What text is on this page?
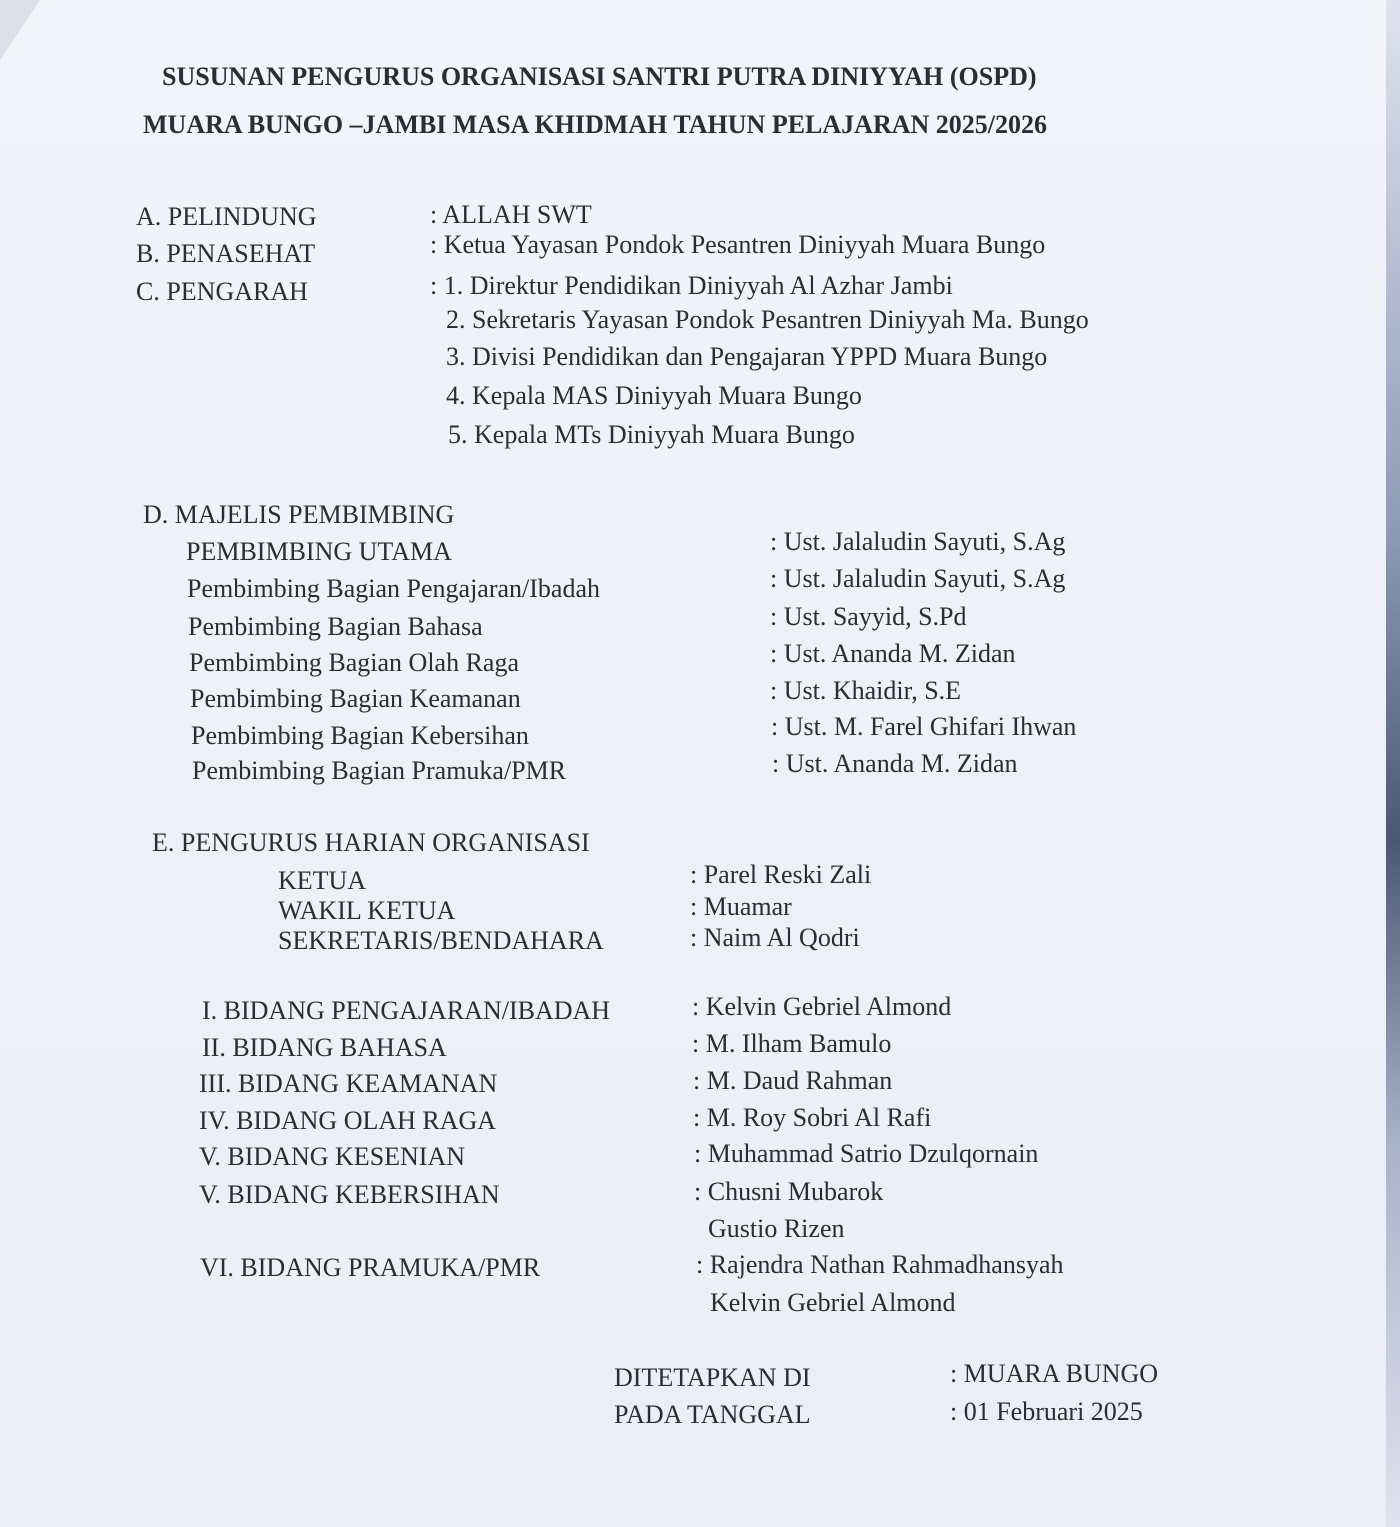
SUSUNAN PENGURUS ORGANISASI SANTRI PUTRA DINIYYAH (OSPD)
MUARA BUNGO –JAMBI MASA KHIDMAH TAHUN PELAJARAN 2025/2026
A. PELINDUNG	: ALLAH SWT
B. PENASEHAT	: Ketua Yayasan Pondok Pesantren Diniyyah Muara Bungo
C. PENGARAH	: 1. Direktur Pendidikan Diniyyah Al Azhar Jambi
2. Sekretaris Yayasan Pondok Pesantren Diniyyah Ma. Bungo
3. Divisi Pendidikan dan Pengajaran YPPD Muara Bungo
4. Kepala MAS Diniyyah Muara Bungo
5. Kepala MTs Diniyyah Muara Bungo
D. MAJELIS PEMBIMBING
PEMBIMBING UTAMA	: Ust. Jalaludin Sayuti, S.Ag
Pembimbing Bagian Pengajaran/Ibadah	: Ust. Jalaludin Sayuti, S.Ag
Pembimbing Bagian Bahasa	: Ust. Sayyid, S.Pd
Pembimbing Bagian Olah Raga	: Ust. Ananda M. Zidan
Pembimbing Bagian Keamanan	: Ust. Khaidir, S.E
Pembimbing Bagian Kebersihan	: Ust. M. Farel Ghifari Ihwan
Pembimbing Bagian Pramuka/PMR	: Ust. Ananda M. Zidan
E. PENGURUS HARIAN ORGANISASI
KETUA	: Parel Reski Zali
WAKIL KETUA	: Muamar
SEKRETARIS/BENDAHARA	: Naim Al Qodri
I. BIDANG PENGAJARAN/IBADAH	: Kelvin Gebriel Almond
II. BIDANG BAHASA	: M. Ilham Bamulo
III. BIDANG KEAMANAN	: M. Daud Rahman
IV. BIDANG OLAH RAGA	: M. Roy Sobri Al Rafi
V. BIDANG KESENIAN	: Muhammad Satrio Dzulqornain
V. BIDANG KEBERSIHAN	: Chusni Mubarok
Gustio Rizen
VI. BIDANG PRAMUKA/PMR	: Rajendra Nathan Rahmadhansyah
Kelvin Gebriel Almond
DITETAPKAN DI	: MUARA BUNGO
PADA TANGGAL	: 01 Februari 2025
